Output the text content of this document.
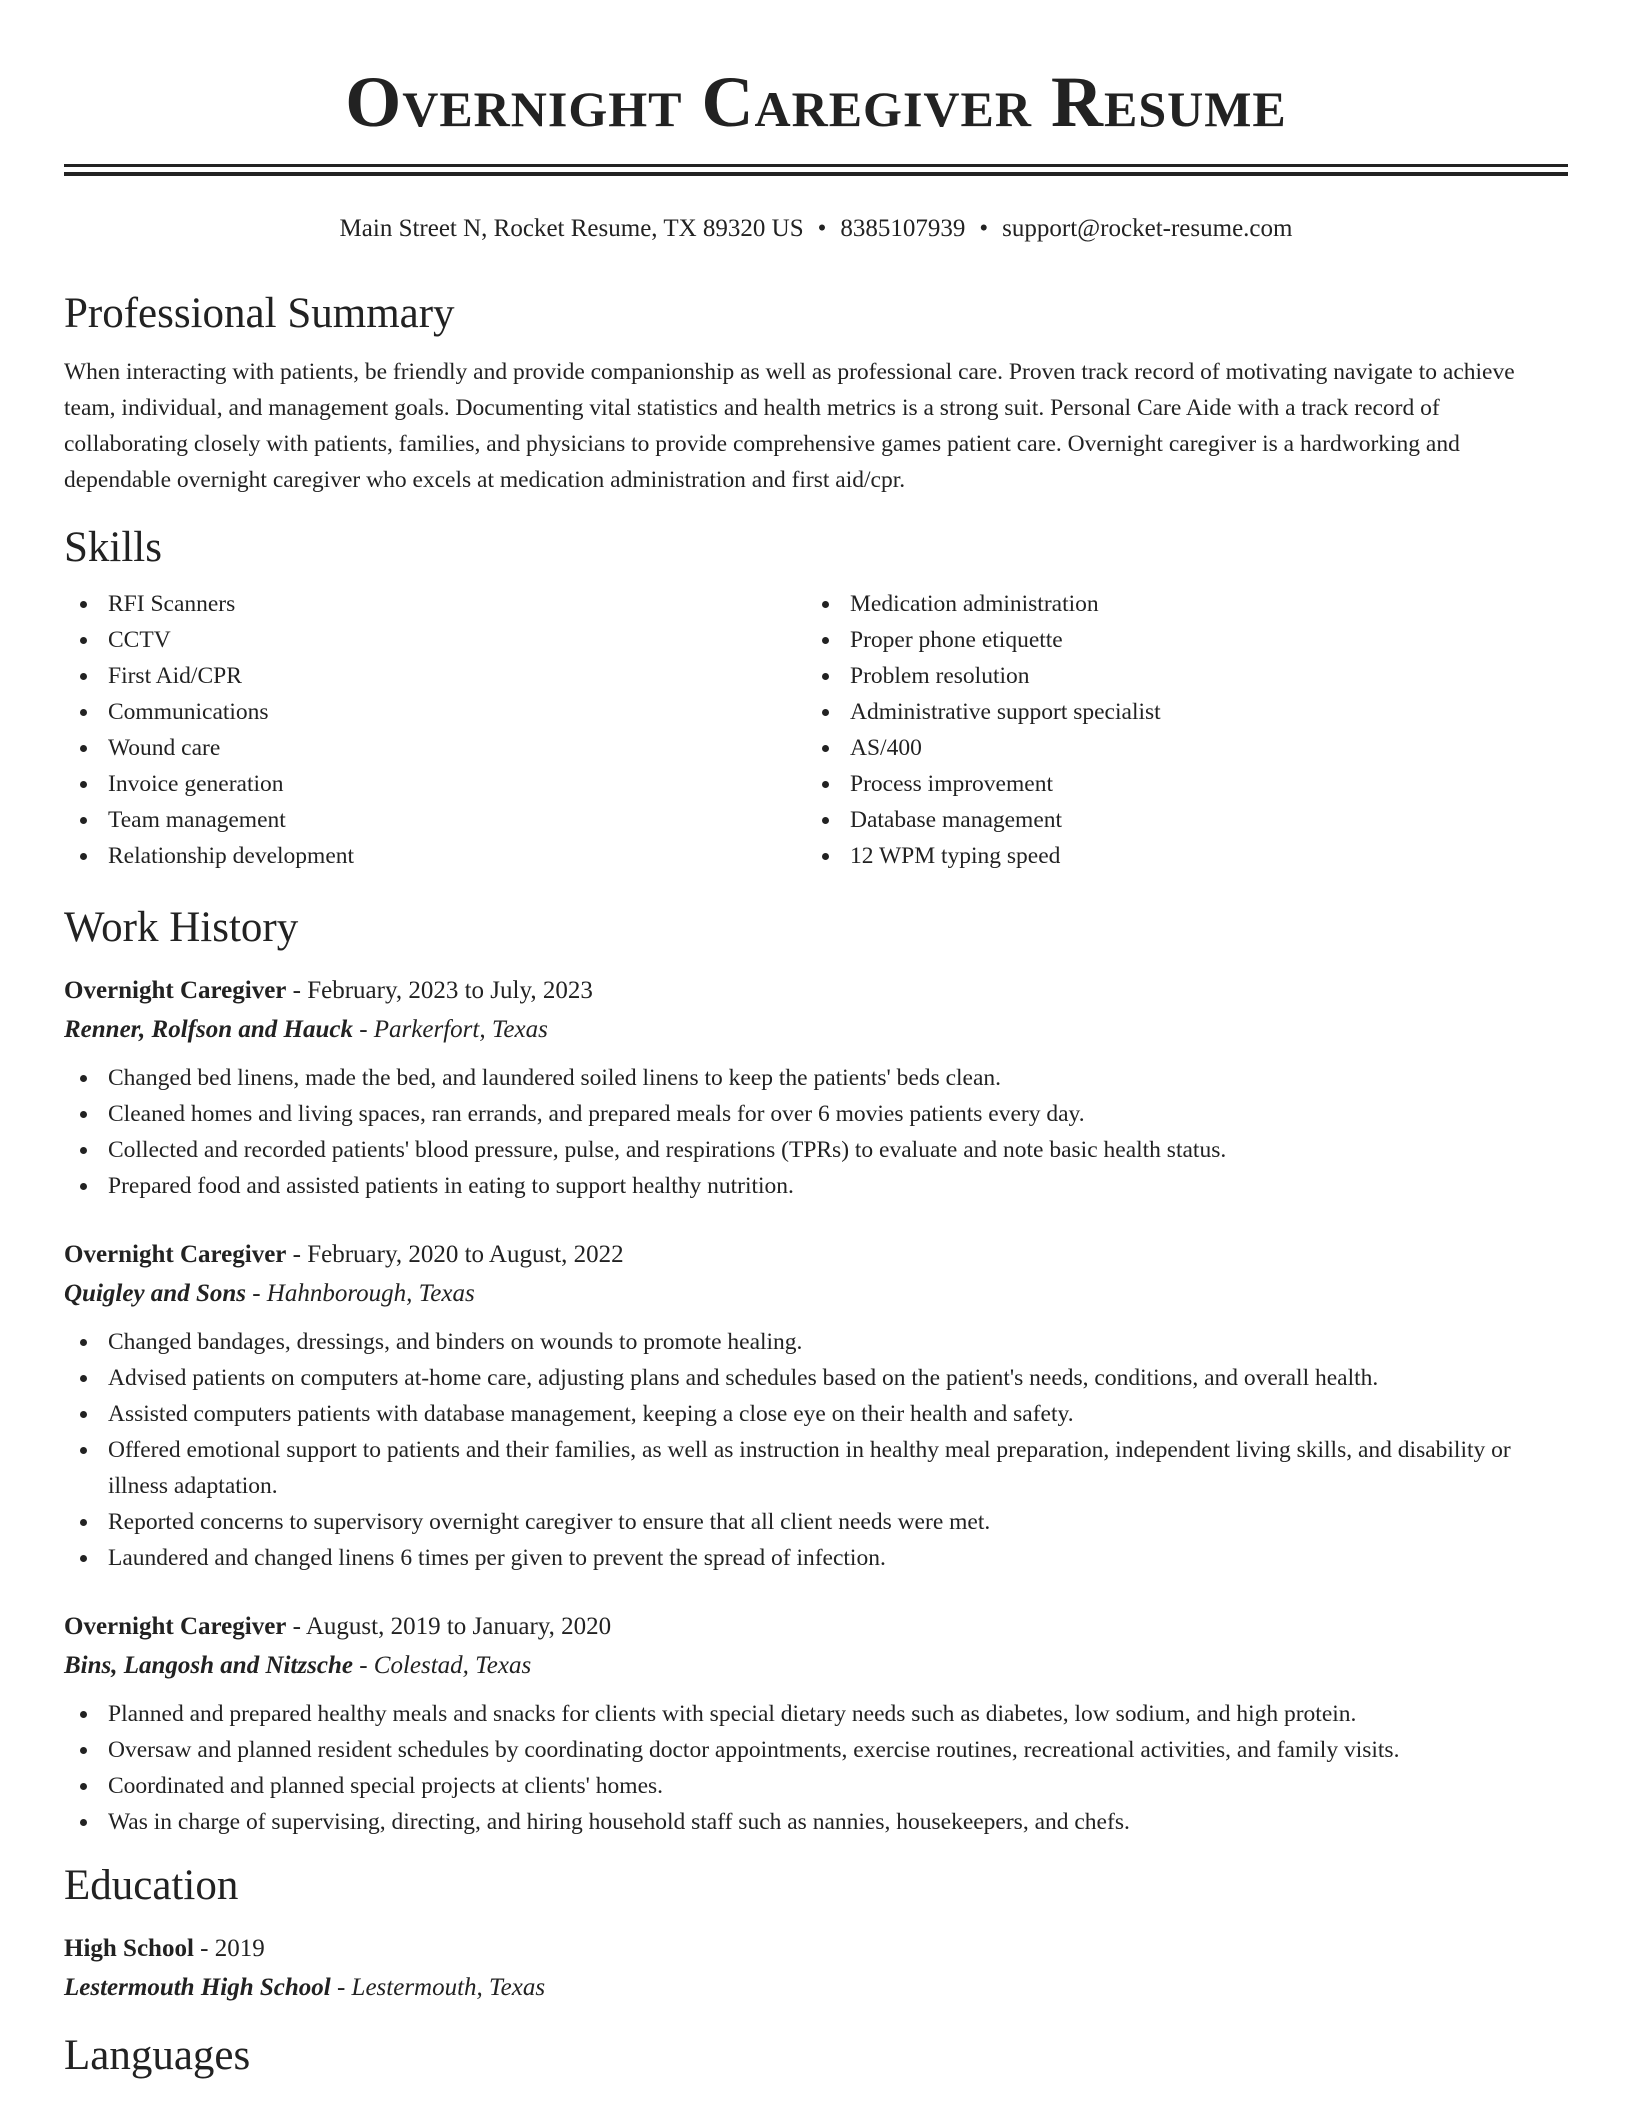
Overnight Caregiver Resume
Main Street N, Rocket Resume, TX 89320 US • 8385107939 • support@rocket-resume.com
Professional Summary

When interacting with patients, be friendly and provide companionship as well as professional care. Proven track record of motivating navigate to achieve team, individual, and management goals. Documenting vital statistics and health metrics is a strong suit. Personal Care Aide with a track record of collaborating closely with patients, families, and physicians to provide comprehensive games patient care. Overnight caregiver is a hardworking and dependable overnight caregiver who excels at medication administration and first aid/cpr.

Skills
RFI Scanners
CCTV
First Aid/CPR
Communications
Wound care
Invoice generation
Team management
Relationship development
Medication administration
Proper phone etiquette
Problem resolution
Administrative support specialist
AS/400
Process improvement
Database management
12 WPM typing speed
Work History
Overnight Caregiver - February, 2023 to July, 2023
Renner, Rolfson and Hauck - Parkerfort, Texas
Changed bed linens, made the bed, and laundered soiled linens to keep the patients' beds clean.
Cleaned homes and living spaces, ran errands, and prepared meals for over 6 movies patients every day.
Collected and recorded patients' blood pressure, pulse, and respirations (TPRs) to evaluate and note basic health status.
Prepared food and assisted patients in eating to support healthy nutrition.
Overnight Caregiver - February, 2020 to August, 2022
Quigley and Sons - Hahnborough, Texas
Changed bandages, dressings, and binders on wounds to promote healing.
Advised patients on computers at-home care, adjusting plans and schedules based on the patient's needs, conditions, and overall health.
Assisted computers patients with database management, keeping a close eye on their health and safety.
Offered emotional support to patients and their families, as well as instruction in healthy meal preparation, independent living skills, and disability or illness adaptation.
Reported concerns to supervisory overnight caregiver to ensure that all client needs were met.
Laundered and changed linens 6 times per given to prevent the spread of infection.
Overnight Caregiver - August, 2019 to January, 2020
Bins, Langosh and Nitzsche - Colestad, Texas
Planned and prepared healthy meals and snacks for clients with special dietary needs such as diabetes, low sodium, and high protein.
Oversaw and planned resident schedules by coordinating doctor appointments, exercise routines, recreational activities, and family visits.
Coordinated and planned special projects at clients' homes.
Was in charge of supervising, directing, and hiring household staff such as nannies, housekeepers, and chefs.
Education
High School - 2019
Lestermouth High School - Lestermouth, Texas
Languages
